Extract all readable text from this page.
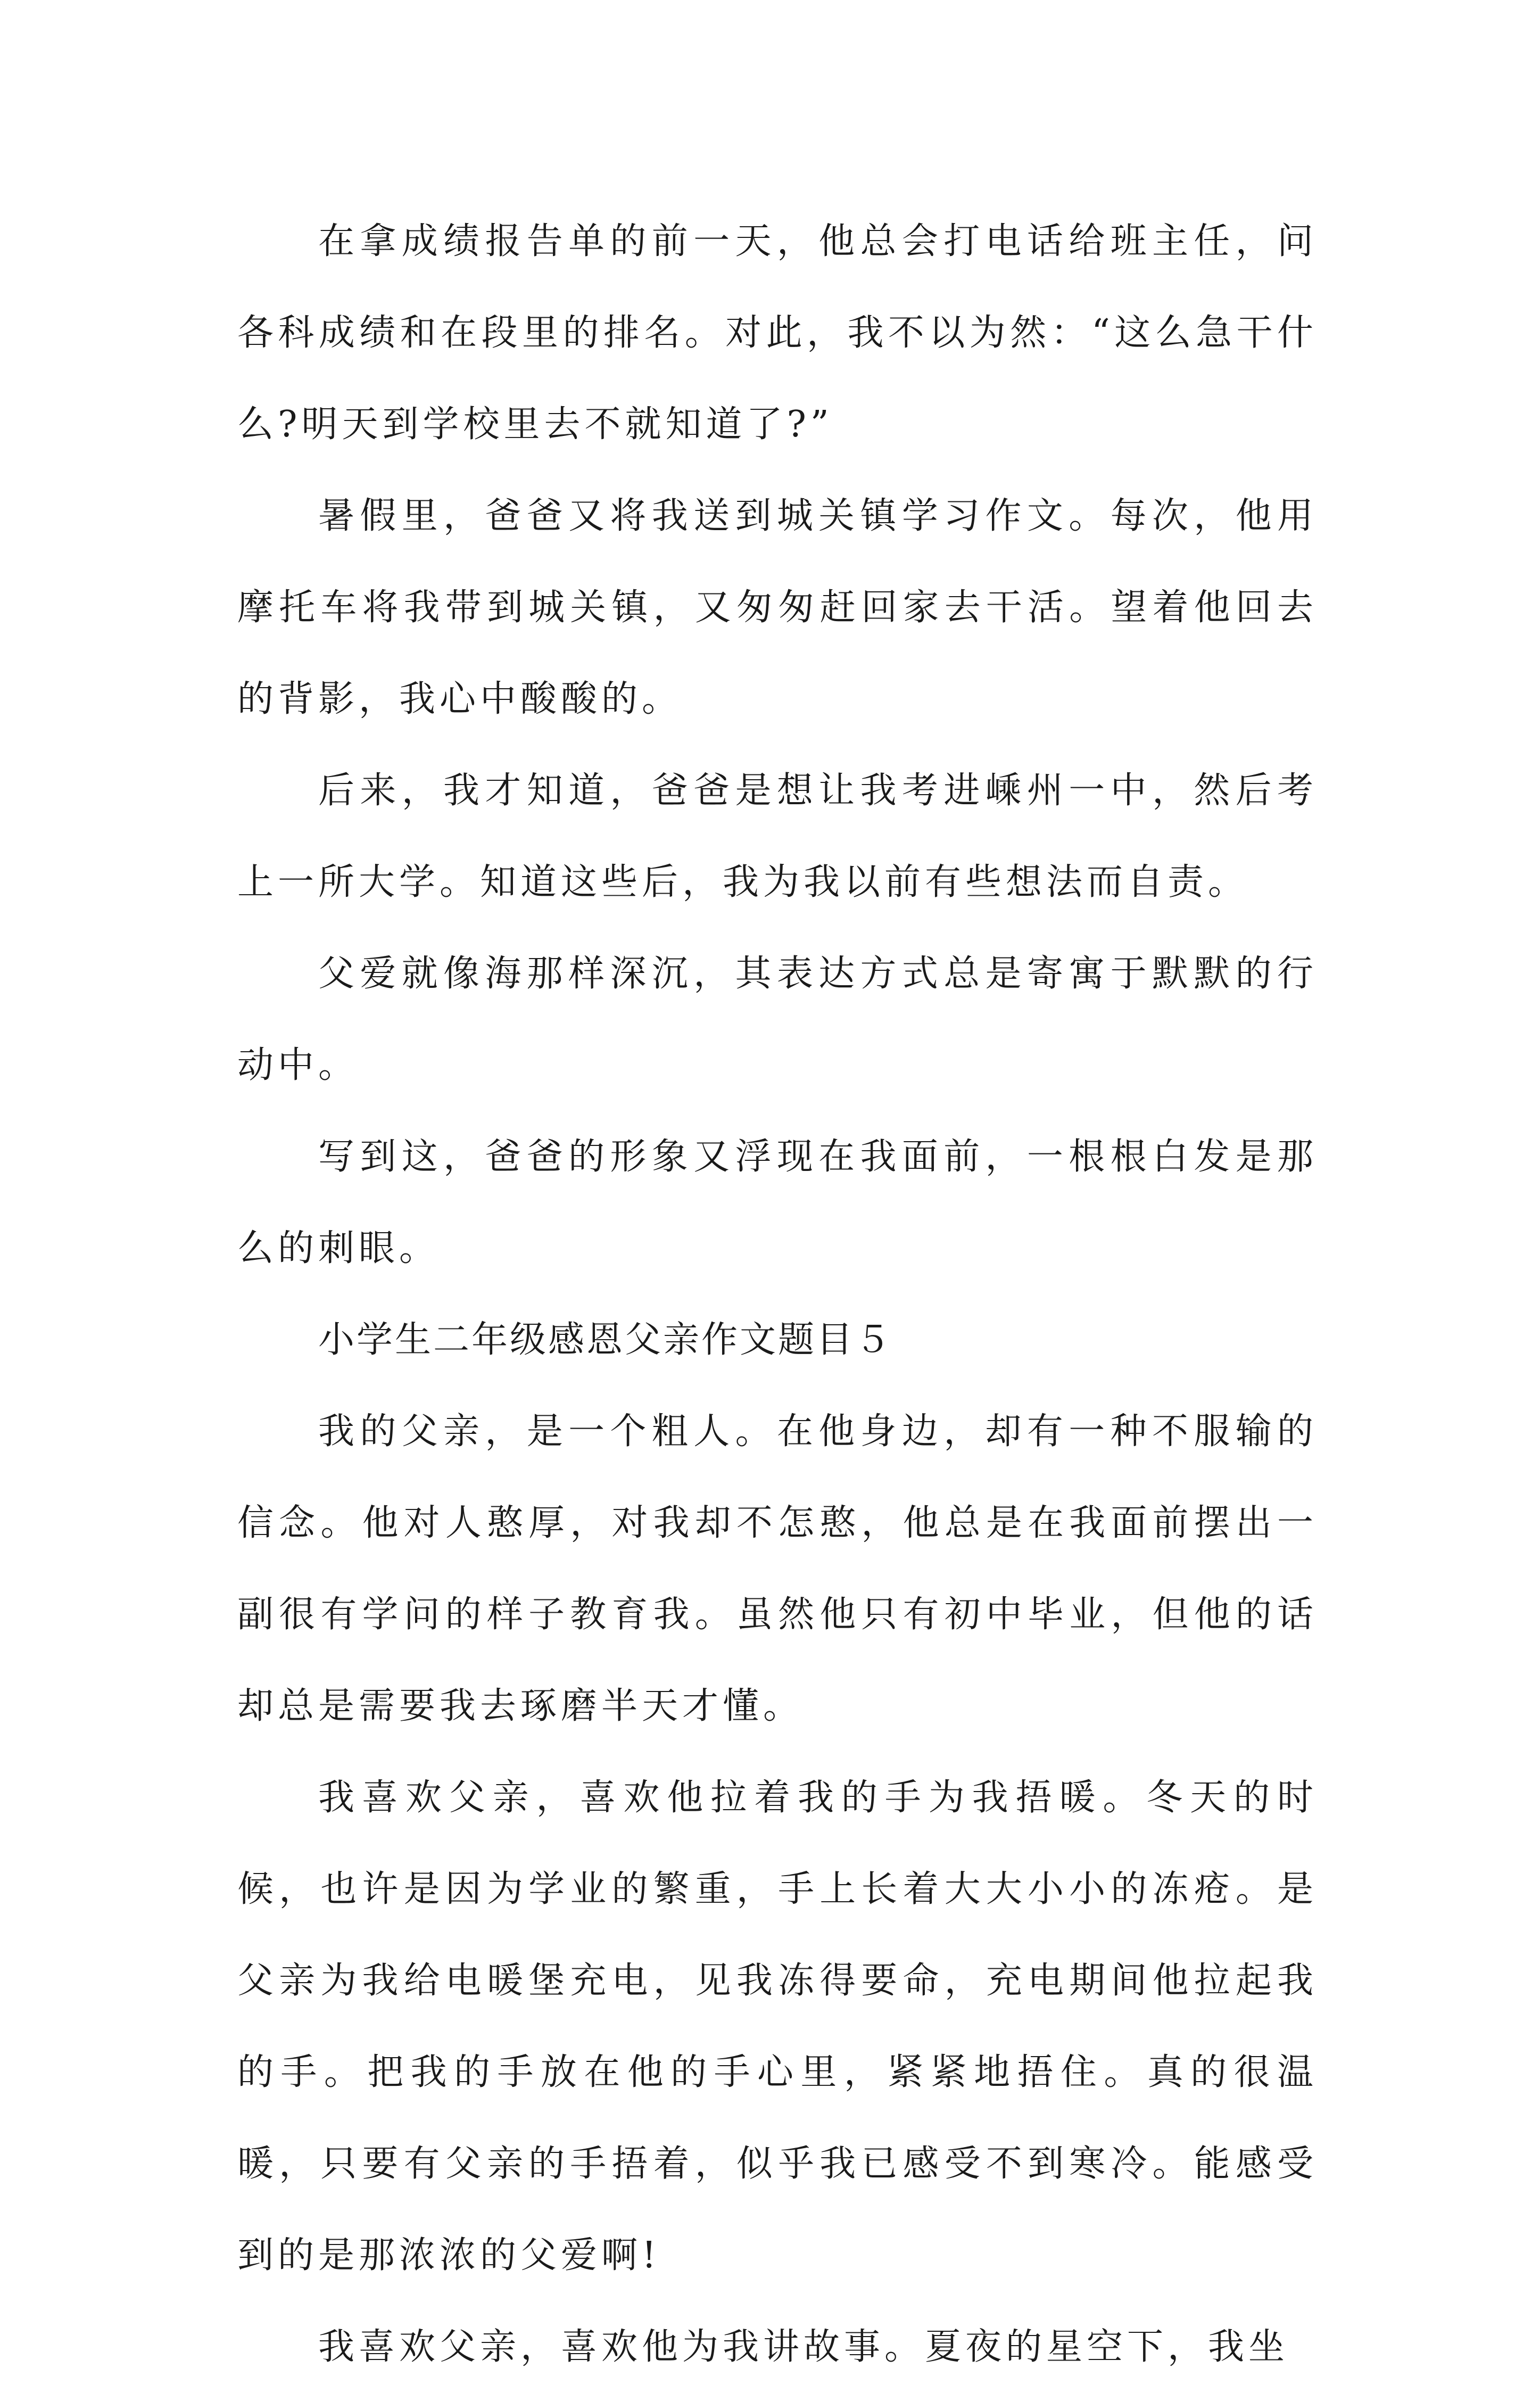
在拿成绩报告单的前一天，他总会打电话给班主任，问各科成绩和在段里的排名。对此，我不以为然：“这么急干什么?明天到学校里去不就知道了?”

暑假里，爸爸又将我送到城关镇学习作文。每次，他用摩托车将我带到城关镇，又匆匆赶回家去干活。望着他回去的背影，我心中酸酸的。

后来，我才知道，爸爸是想让我考进嵊州一中，然后考上一所大学。知道这些后，我为我以前有些想法而自责。

父爱就像海那样深沉，其表达方式总是寄寓于默默的行动中。

写到这，爸爸的形象又浮现在我面前，一根根白发是那么的刺眼。

小学生二年级感恩父亲作文题目５

我的父亲，是一个粗人。在他身边，却有一种不服输的信念。他对人憨厚，对我却不怎憨，他总是在我面前摆出一副很有学问的样子教育我。虽然他只有初中毕业，但他的话却总是需要我去琢磨半天才懂。

我喜欢父亲，喜欢他拉着我的手为我捂暖。冬天的时候，也许是因为学业的繁重，手上长着大大小小的冻疮。是父亲为我给电暖堡充电，见我冻得要命，充电期间他拉起我的手。把我的手放在他的手心里，紧紧地捂住。真的很温暖，只要有父亲的手捂着，似乎我已感受不到寒冷。能感受到的是那浓浓的父爱啊!

我喜欢父亲，喜欢他为我讲故事。夏夜的星空下，我坐
